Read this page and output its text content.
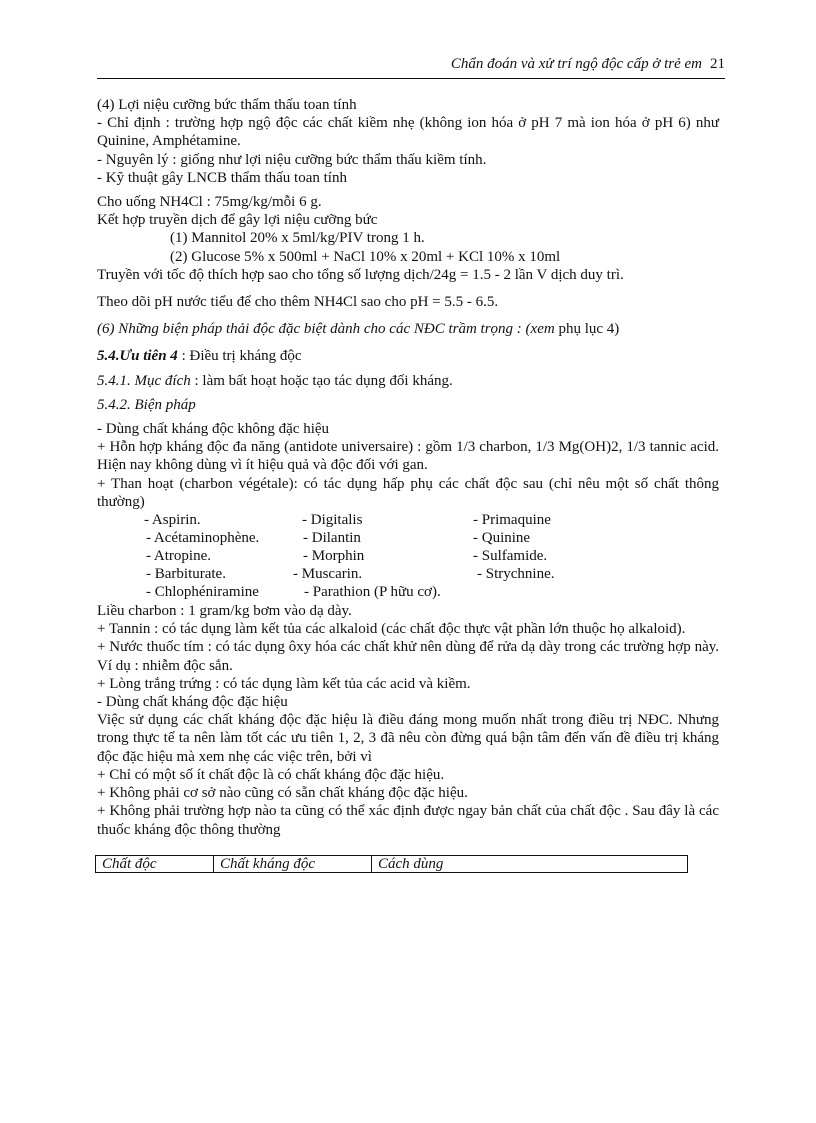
Chẩn đoán và xử trí ngộ độc cấp ở trẻ em 21

(4) Lợi niệu cưỡng bức thẩm thấu toan tính

- Chỉ định : trường hợp ngộ độc các chất kiềm nhẹ (không ion hóa ở pH 7 mà ion hóa ở pH 6) như Quinine, Amphétamine.

- Nguyên lý : giống như lợi niệu cưỡng bức thẩm thấu kiềm tính.

- Kỹ thuật gây LNCB thẩm thấu toan tính

Cho uống NH4Cl : 75mg/kg/mỗi 6 g.

Kết hợp truyền dịch để gây lợi niệu cưỡng bức

(1) Mannitol 20% x 5ml/kg/PIV trong 1 h.

(2) Glucose 5% x 500ml + NaCl 10% x 20ml + KCl 10% x 10ml

Truyền với tốc độ thích hợp sao cho tổng số lượng dịch/24g = 1.5 - 2 lần V dịch duy trì.

Theo dõi pH nước tiểu để cho thêm NH4Cl sao cho pH = 5.5 - 6.5.

(6) Những biện pháp thải độc đặc biệt dành cho các NĐC trầm trọng : (xem phụ lục 4)

5.4.Ưu tiên 4 : Điều trị kháng độc

5.4.1. Mục đích : làm bất hoạt hoặc tạo tác dụng đối kháng.

5.4.2. Biện pháp

- Dùng chất kháng độc không đặc hiệu

+ Hỗn hợp kháng độc đa năng (antidote universaire) : gồm 1/3 charbon, 1/3 Mg(OH)2, 1/3 tannic acid. Hiện nay không dùng vì ít hiệu quả và độc đối với gan.

+ Than hoạt (charbon végétale): có tác dụng hấp phụ các chất độc sau (chỉ nêu một số chất thông thường)

- Aspirin.	- Digitalis	- Primaquine
- Acétaminophène.	- Dilantin	- Quinine
- Atropine.	- Morphin	- Sulfamide.
- Barbiturate.	- Muscarin.	- Strychnine.
- Chlophéniramine	- Parathion (P hữu cơ).

Liều charbon : 1 gram/kg bơm vào dạ dày.

+ Tannin : có tác dụng làm kết tủa các alkaloid (các chất độc thực vật phần lớn thuộc họ alkaloid).

+ Nước thuốc tím : có tác dụng ôxy hóa các chất khử nên dùng để rửa dạ dày trong các trường hợp này. Ví dụ : nhiễm độc sắn.

+ Lòng trắng trứng : có tác dụng làm kết tủa các acid và kiềm.

- Dùng chất kháng độc đặc hiệu

Việc sử dụng các chất kháng độc đặc hiệu là điều đáng mong muốn nhất trong điều trị NĐC. Nhưng trong thực tế ta nên làm tốt các ưu tiên 1, 2, 3 đã nêu còn đừng quá bận tâm đến vấn đề điều trị kháng độc đặc hiệu mà xem nhẹ các việc trên, bởi vì

+ Chỉ có một số ít chất độc là có chất kháng độc đặc hiệu.

+ Không phải cơ sở nào cũng có sẵn chất kháng độc đặc hiệu.

+ Không phải trường hợp nào ta cũng có thể xác định được ngay bản chất của chất độc . Sau đây là các thuốc kháng độc thông thường

Chất độc	Chất kháng độc	Cách dùng
